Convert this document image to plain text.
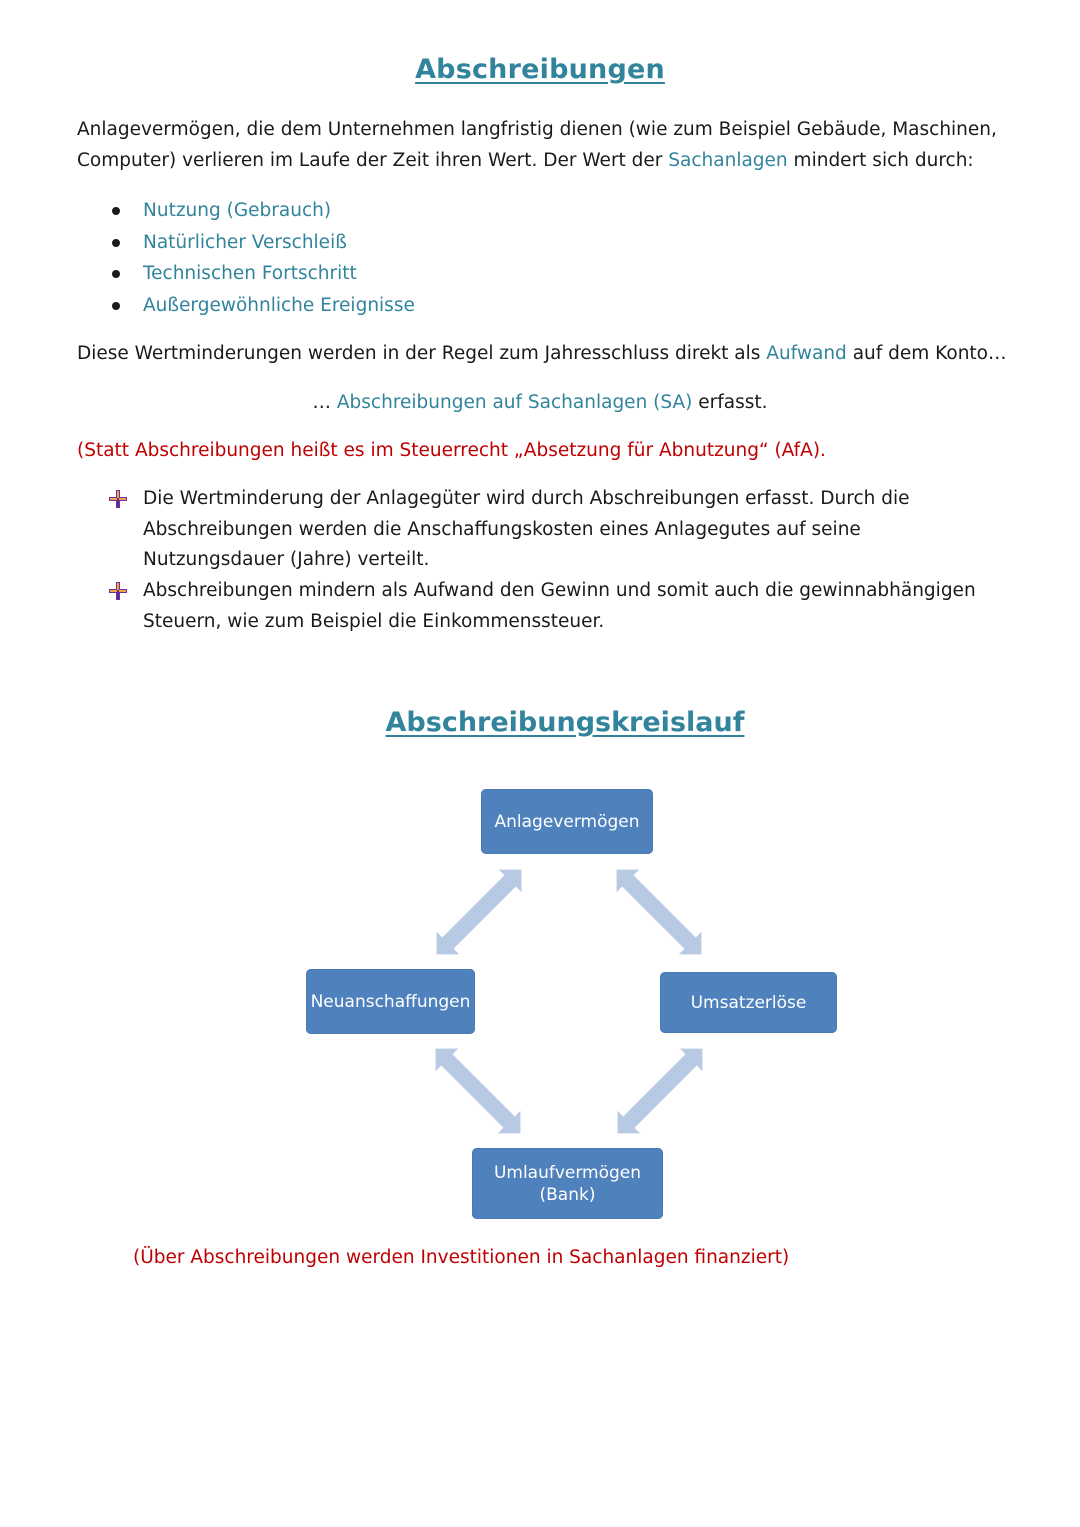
Abschreibungen

Anlagevermögen, die dem Unternehmen langfristig dienen (wie zum Beispiel Gebäude, Maschinen, Computer) verlieren im Laufe der Zeit ihren Wert. Der Wert der Sachanlagen mindert sich durch:

Nutzung (Gebrauch)
Natürlicher Verschleiß
Technischen Fortschritt
Außergewöhnliche Ereignisse

Diese Wertminderungen werden in der Regel zum Jahresschluss direkt als Aufwand auf dem Konto…

… Abschreibungen auf Sachanlagen (SA) erfasst.

(Statt Abschreibungen heißt es im Steuerrecht „Absetzung für Abnutzung“ (AfA).

Die Wertminderung der Anlagegüter wird durch Abschreibungen erfasst. Durch die Abschreibungen werden die Anschaffungskosten eines Anlagegutes auf seine Nutzungsdauer (Jahre) verteilt.
Abschreibungen mindern als Aufwand den Gewinn und somit auch die gewinnabhängigen Steuern, wie zum Beispiel die Einkommenssteuer.
Abschreibungskreislauf
Anlagevermögen
Neuanschaffungen	Umsatzerlöse
Umlaufvermögen
(Bank)

(Über Abschreibungen werden Investitionen in Sachanlagen finanziert)
